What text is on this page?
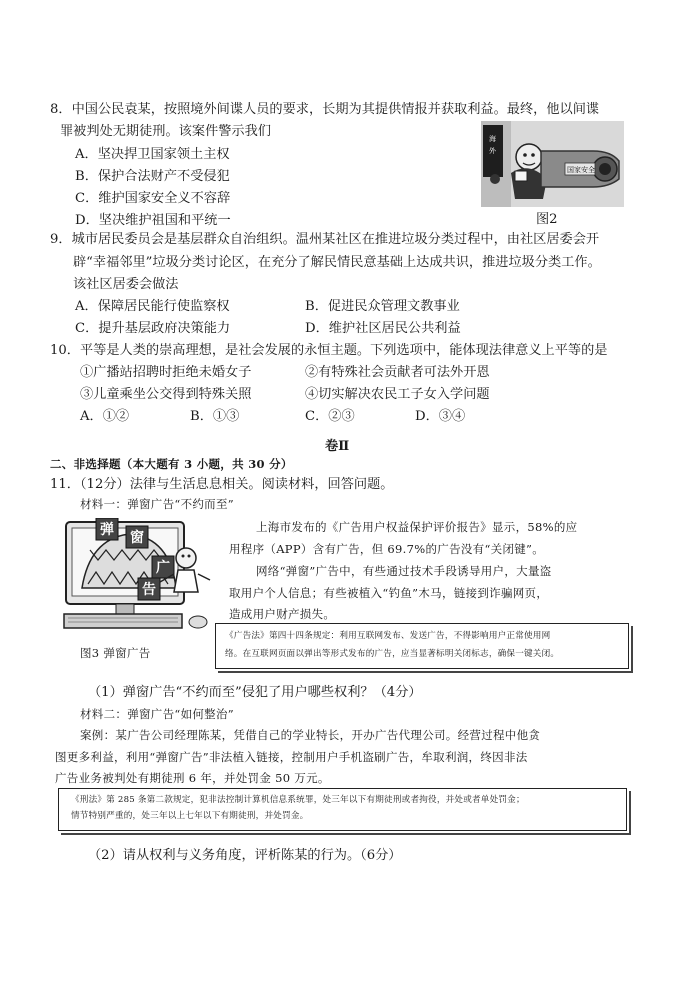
8．中国公民袁某，按照境外间谍人员的要求，长期为其提供情报并获取利益。最终，他以间谍
罪被判处无期徒刑。该案件警示我们
A．坚决捍卫国家领土主权
B．保护合法财产不受侵犯
C．维护国家安全义不容辞
D．坚决维护祖国和平统一
海
外
国家安全
图2
9．城市居民委员会是基层群众自治组织。温州某社区在推进垃圾分类过程中，由社区居委会开
辟“幸福邻里”垃圾分类讨论区，在充分了解民情民意基础上达成共识，推进垃圾分类工作。
该社区居委会做法
A．保障居民能行使监察权	B．促进民众管理文教事业
C．提升基层政府决策能力	D．维护社区居民公共利益
10．平等是人类的崇高理想，是社会发展的永恒主题。下列选项中，能体现法律意义上平等的是
①广播站招聘时拒绝未婚女子	②有特殊社会贡献者可法外开恩
③儿童乘坐公交得到特殊关照	④切实解决农民工子女入学问题
A．①②	B．①③	C．②③	D．③④
卷Ⅱ
二、非选择题（本大题有 3 小题，共 30 分）
11．（12分）法律与生活息息相关。阅读材料，回答问题。
材料一：弹窗广告“不约而至”
弹 窗
广
告
图3 弹窗广告
上海市发布的《广告用户权益保护评价报告》显示，58%的应
用程序（APP）含有广告，但 69.7%的广告没有“关闭键”。
网络“弹窗”广告中，有些通过技术手段诱导用户，大量盗
取用户个人信息；有些被植入“钓鱼”木马，链接到诈骗网页，
造成用户财产损失。
《广告法》第四十四条规定：利用互联网发布、发送广告，不得影响用户正常使用网
络。在互联网页面以弹出等形式发布的广告，应当显著标明关闭标志，确保一键关闭。
（1）弹窗广告“不约而至”侵犯了用户哪些权利？（4分）
材料二：弹窗广告“如何整治”
案例：某广告公司经理陈某，凭借自己的学业特长，开办广告代理公司。经营过程中他贪
图更多利益，利用“弹窗广告”非法植入链接，控制用户手机盗刷广告，牟取利润，终因非法
广告业务被判处有期徒刑 6 年，并处罚金 50 万元。
《刑法》第 285 条第二款规定，犯非法控制计算机信息系统罪，处三年以下有期徒刑或者拘役，并处或者单处罚金；
情节特别严重的，处三年以上七年以下有期徒刑，并处罚金。
（2）请从权利与义务角度，评析陈某的行为。（6分）
